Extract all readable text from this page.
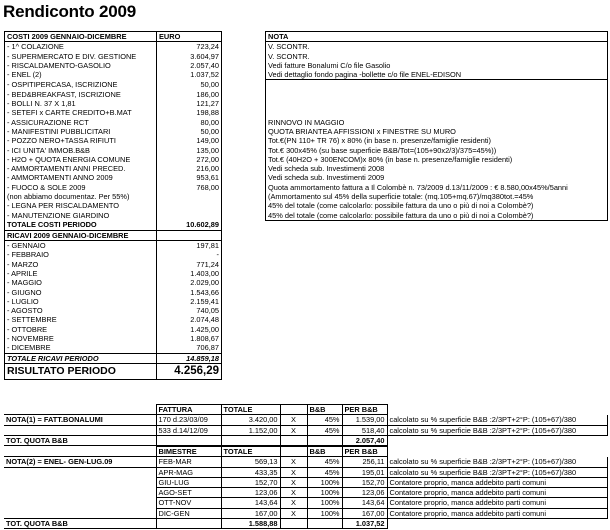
Rendiconto 2009
COSTI 2009 GENNAIO-DICEMBRE	EURO		NOTA
- 1^ COLAZIONE	723,24		V. SCONTR.
- SUPERMERCATO E DIV. GESTIONE	3.604,97		V. SCONTR.
- RISCALDAMENTO-GASOLIO	2.057,40		Vedi fatture Bonalumi C/o file Gasolio
- ENEL (2)	1.037,52		Vedi dettaglio fondo pagina -bollette c/o file ENEL-EDISON
- OSPITIPERCASA, ISCRIZIONE	50,00		
- BED&BREAKFAST, ISCRIZIONE	186,00		
- BOLLI N. 37 X 1,81	121,27		
- SETEFI x CARTE CREDITO+B.MAT	198,88		
- ASSICURAZIONE RCT	80,00		RINNOVO IN MAGGIO
- MANIFESTINI PUBBLICITARI	50,00		QUOTA BRIANTEA AFFISSIONI x FINESTRE SU MURO
- POZZO NERO+TASSA RIFIUTI	149,00		Tot.€(PN 110+ TR 76) x 80% (in base n. presenze/famiglie residenti)
- ICI UNITA' IMMOB.B&B	135,00		Tot.€ 300x45% (su base superficie B&B/Tot=(105+90x2/3)/375=45%))
- H2O + QUOTA ENERGIA COMUNE	272,00		Tot.€ (40H2O + 300ENCOM)x 80% (in base n. presenze/famiglie residenti)
- AMMORTAMENTI ANNI PRECED.	216,00		Vedi scheda sub. Investimenti 2008
- AMMORTAMENTI ANNO 2009	953,61		Vedi scheda sub. Investimenti 2009
- FUOCO & SOLE 2009	768,00		Quota ammortamento fattura a Il Colombè n. 73/2009 d.13/11/2009 : € 8.580,00x45%/5anni
(non abbiamo documentaz. Per 55%)			(Ammortamento sul 45% della superficie totale: (mq.105+mq.67)/mq380tot.=45%
- LEGNA PER RISCALDAMENTO			45% del totale (come calcolarlo: possibile fattura da uno o più di noi a Colombè?)
- MANUTENZIONE GIARDINO			45% del totale (come calcolarlo: possibile fattura da uno o più di noi a Colombè?)
TOTALE COSTI PERIODO	10.602,89		
RICAVI 2009 GENNAIO-DICEMBRE			
- GENNAIO	197,81		
- FEBBRAIO	-		
- MARZO	771,24		
- APRILE	1.403,00		
- MAGGIO	2.029,00		
- GIUGNO	1.543,66		
- LUGLIO	2.159,41		
- AGOSTO	740,05		
- SETTEMBRE	2.074,48		
- OTTOBRE	1.425,00		
- NOVEMBRE	1.808,67		
- DICEMBRE	706,87		
TOTALE RICAVI PERIODO	14.859,18		
RISULTATO PERIODO	4.256,29		
	FATTURA	TOTALE		B&B	PER B&B	
NOTA(1) = FATT.BONALUMI	170 d.23/03/09	3.420,00	X	45%	1.539,00	calcolato su % superficie B&B :2/3PT+2°P: (105+67)/380
	533 d.14/12/09	1.152,00	X	45%	518,40	calcolato su % superficie B&B :2/3PT+2°P: (105+67)/380
TOT. QUOTA B&B					2.057,40	
	BIMESTRE	TOTALE		B&B	PER B&B	
NOTA(2) = ENEL- GEN-LUG.09	FEB-MAR	569,13	X	45%	256,11	calcolato su % superficie B&B :2/3PT+2°P: (105+67)/380
	APR-MAG	433,35	X	45%	195,01	calcolato su % superficie B&B :2/3PT+2°P: (105+67)/380
	GIU-LUG	152,70	X	100%	152,70	Contatore proprio, manca addebito parti comuni
	AGO-SET	123,06	X	100%	123,06	Contatore proprio, manca addebito parti comuni
	OTT-NOV	143,64	X	100%	143,64	Contatore proprio, manca addebito parti comuni
	DIC-GEN	167,00	X	100%	167,00	Contatore proprio, manca addebito parti comuni
TOT. QUOTA B&B		1.588,88			1.037,52	
